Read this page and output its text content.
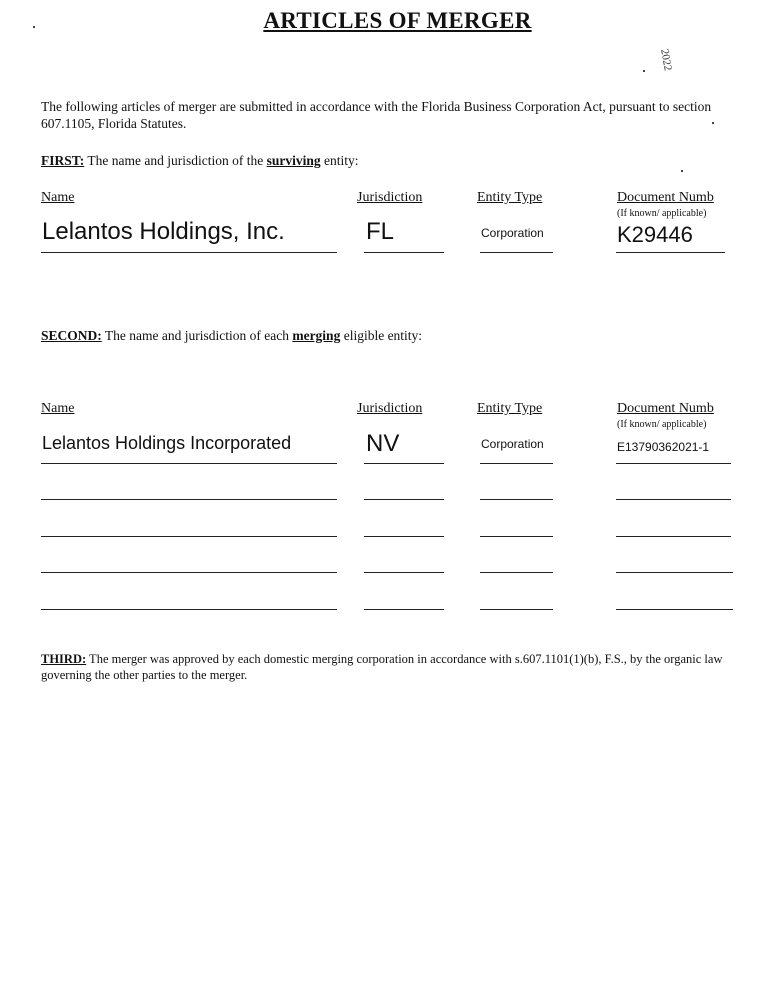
ARTICLES OF MERGER
2022
The following articles of merger are submitted in accordance with the Florida Business Corporation Act, pursuant to section 607.1105, Florida Statutes.
FIRST: The name and jurisdiction of the surviving entity:
Name	Jurisdiction	Entity Type	Document Numb
(If known/ applicable)
Lelantos Holdings, Inc.	FL	Corporation	K29446
SECOND: The name and jurisdiction of each merging eligible entity:
Name	Jurisdiction	Entity Type	Document Numb
(If known/ applicable)
Lelantos Holdings Incorporated	NV	Corporation	E13790362021-1
THIRD: The merger was approved by each domestic merging corporation in accordance with s.607.1101(1)(b), F.S., by the organic law governing the other parties to the merger.
